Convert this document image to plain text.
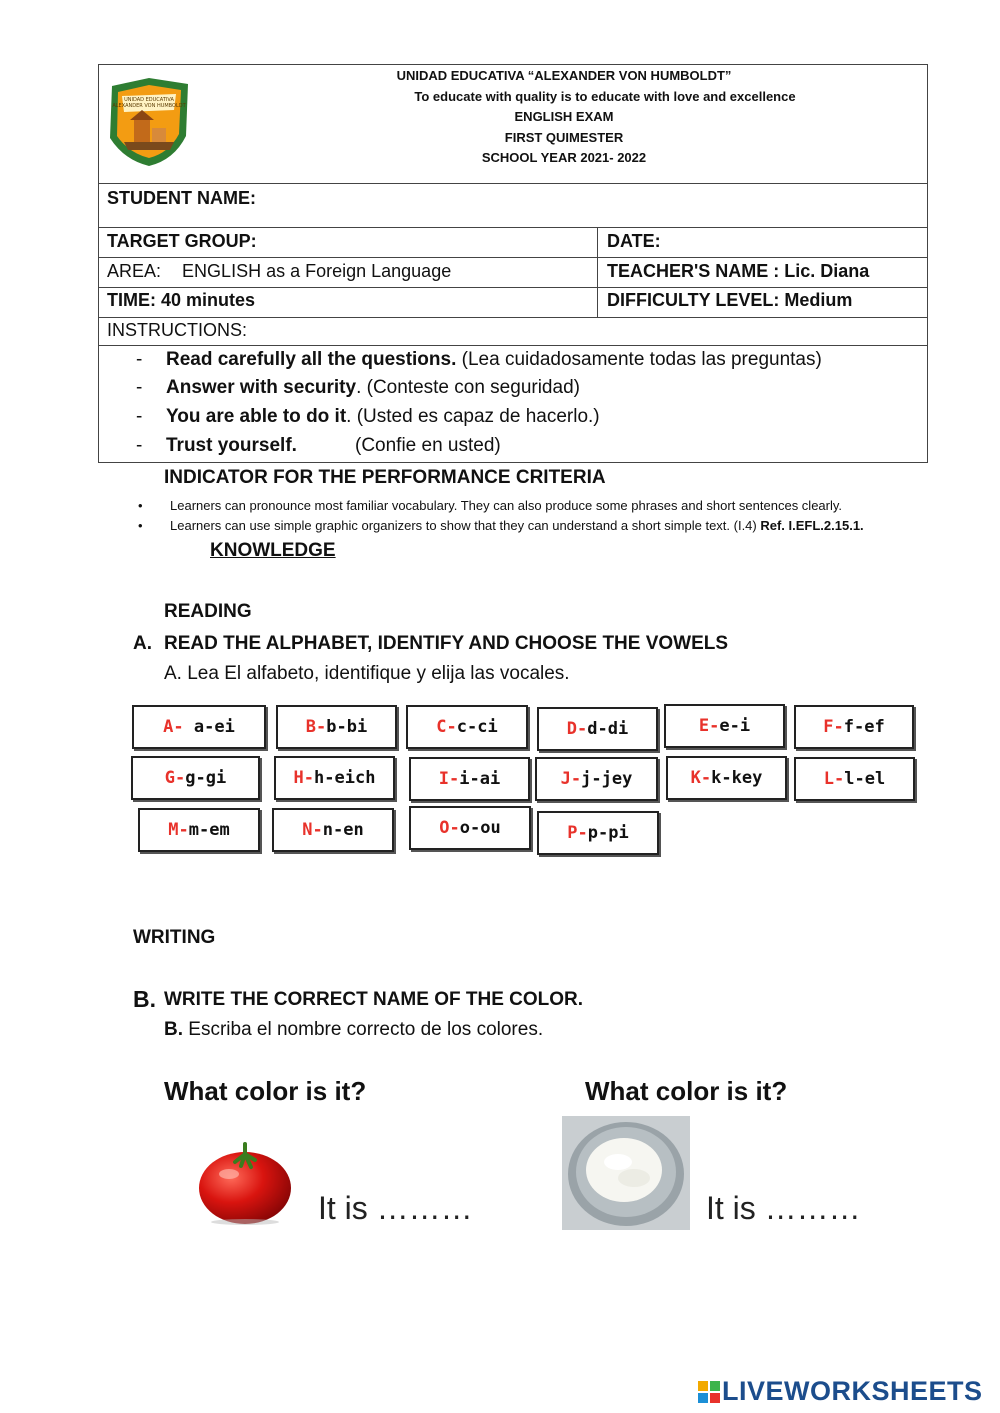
UNIDAD EDUCATIVA
ALEXANDER VON HUMBOLDT
UNIDAD EDUCATIVA “ALEXANDER VON HUMBOLDT”
To educate with quality is to educate with love and excellence
ENGLISH EXAM
FIRST QUIMESTER
SCHOOL YEAR 2021- 2022
STUDENT NAME:
TARGET GROUP:	DATE:
AREA: ENGLISH as a Foreign Language	TEACHER'S NAME : Lic. Diana
TIME: 40 minutes	DIFFICULTY LEVEL: Medium
INSTRUCTIONS:
- Read carefully all the questions. (Lea cuidadosamente todas las preguntas)
- Answer with security. (Conteste con seguridad)
- You are able to do it. (Usted es capaz de hacerlo.)
- Trust yourself.           (Confie en usted)
INDICATOR FOR THE PERFORMANCE CRITERIA
• Learners can pronounce most familiar vocabulary. They can also produce some phrases and short sentences clearly.
• Learners can use simple graphic organizers to show that they can understand a short simple text. (I.4) Ref. I.EFL.2.15.1.
KNOWLEDGE
READING
A. READ THE ALPHABET, IDENTIFY AND CHOOSE THE VOWELS
A. Lea El alfabeto, identifique y elija las vocales.
A- a-ei	B- b-bi	C- c-ci	D- d-di	E- e-i	F- f-ef
G- g-gi	H- h-eich	I- i-ai	J- j-jey	K- k-key	L- l-el
M- m-em	N- n-en	O- o-ou	P- p-pi
WRITING
B. WRITE THE CORRECT NAME OF THE COLOR.
B. Escriba el nombre correcto de los colores.
What color is it?	What color is it?
It is ………	It is ………
LIVEWORKSHEETS
